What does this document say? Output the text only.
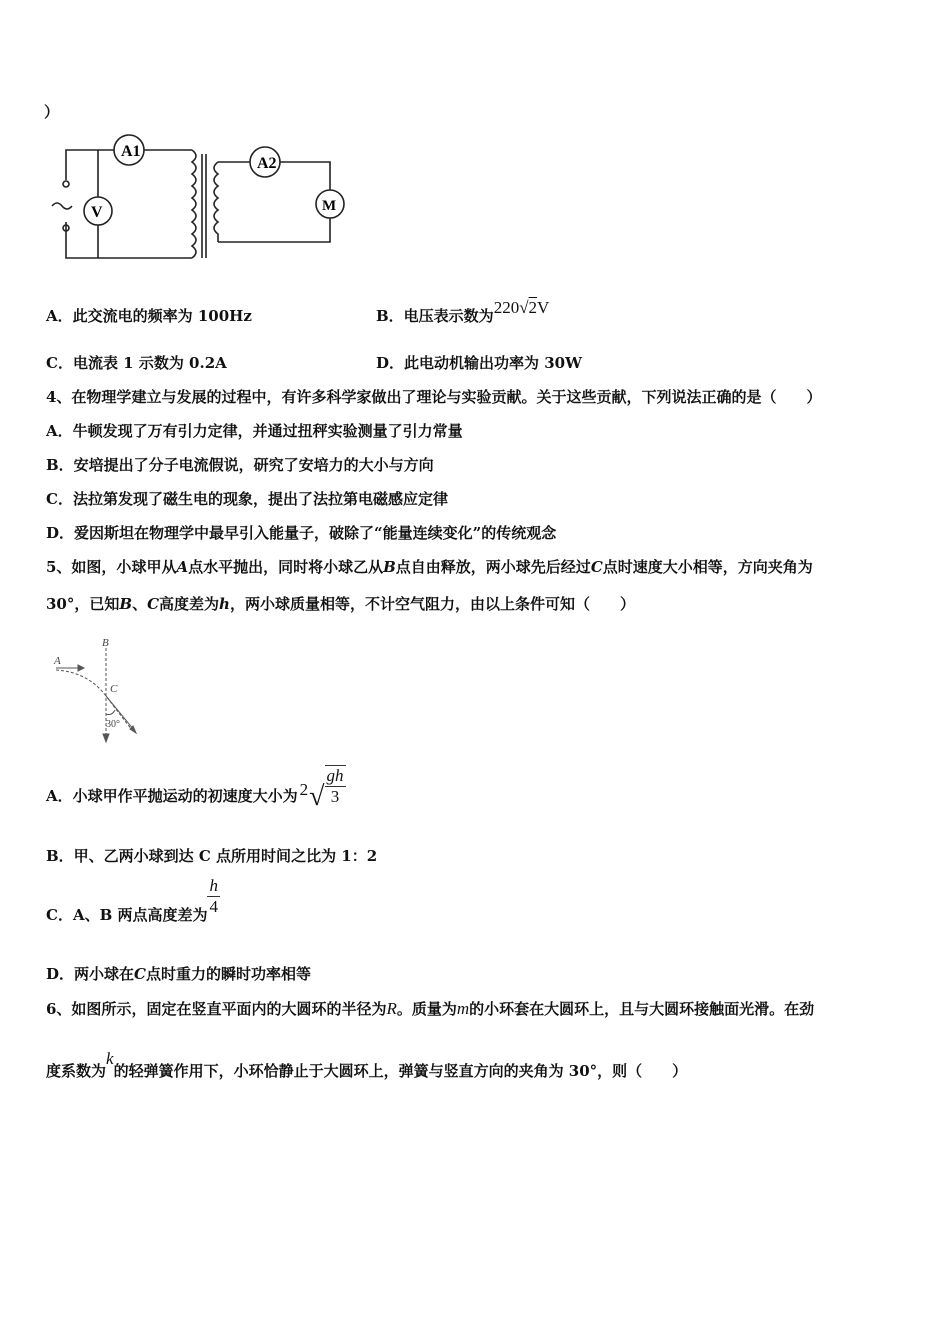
）
A1
V
A2
M
A．此交流电的频率为 100Hz	B．电压表示数为220√2V
C．电流表 1 示数为 0.2A	D．此电动机输出功率为 30W
4、在物理学建立与发展的过程中，有许多科学家做出了理论与实验贡献。关于这些贡献，下列说法正确的是（　　）
A．牛顿发现了万有引力定律，并通过扭秤实验测量了引力常量
B．安培提出了分子电流假说，研究了安培力的大小与方向
C．法拉第发现了磁生电的现象，提出了法拉第电磁感应定律
D．爱因斯坦在物理学中最早引入能量子，破除了“能量连续变化”的传统观念
5、如图，小球甲从A点水平抛出，同时将小球乙从B点自由释放，两小球先后经过C点时速度大小相等，方向夹角为
30°，已知B、C高度差为h，两小球质量相等，不计空气阻力，由以上条件可知（　　）
A
B
C
30°
A．小球甲作平抛运动的初速度大小为 $2√ \frac{gh}{3}$
B．甲、乙两小球到达 C 点所用时间之比为 1：2
C．A、B 两点高度差为 $\frac{h}{4}$
D．两小球在C点时重力的瞬时功率相等
6、如图所示，固定在竖直平面内的大圆环的半径为R。质量为m的小环套在大圆环上，且与大圆环接触面光滑。在劲
度系数为k的轻弹簧作用下，小环恰静止于大圆环上，弹簧与竖直方向的夹角为 30°，则（　　）
